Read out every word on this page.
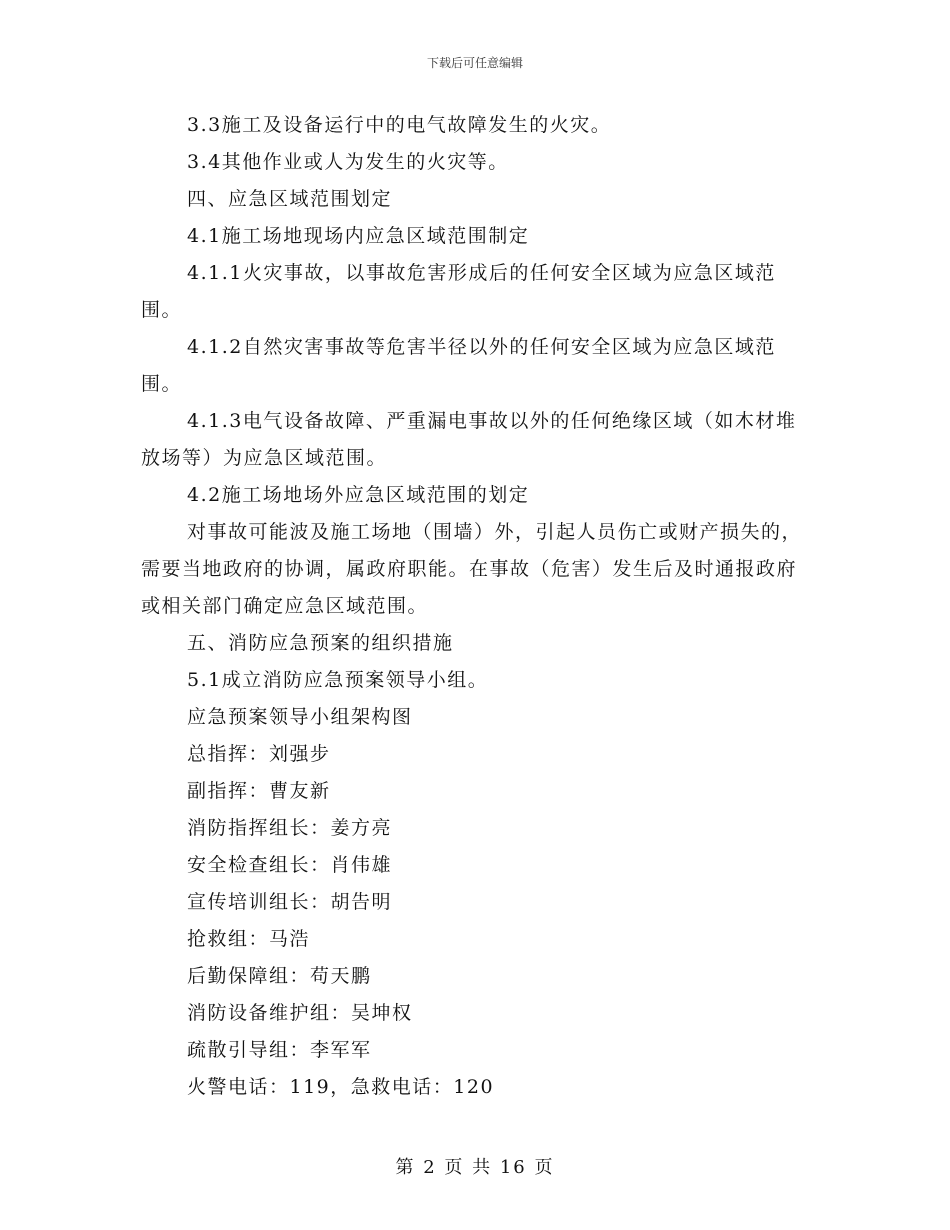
下载后可任意编辑

3.3施工及设备运行中的电气故障发生的火灾。

3.4其他作业或人为发生的火灾等。

四、应急区域范围划定

4.1施工场地现场内应急区域范围制定

4.1.1火灾事故，以事故危害形成后的任何安全区域为应急区域范围。

4.1.2自然灾害事故等危害半径以外的任何安全区域为应急区域范围。

4.1.3电气设备故障、严重漏电事故以外的任何绝缘区域（如木材堆放场等）为应急区域范围。

4.2施工场地场外应急区域范围的划定

对事故可能波及施工场地（围墙）外，引起人员伤亡或财产损失的，需要当地政府的协调，属政府职能。在事故（危害）发生后及时通报政府或相关部门确定应急区域范围。

五、消防应急预案的组织措施

5.1成立消防应急预案领导小组。

应急预案领导小组架构图

总指挥：刘强步

副指挥：曹友新

消防指挥组长：姜方亮

安全检查组长：肖伟雄

宣传培训组长：胡告明

抢救组：马浩

后勤保障组：苟天鹏

消防设备维护组：吴坤权

疏散引导组：李军军

火警电话：119，急救电话：120

第 2 页 共 16 页
